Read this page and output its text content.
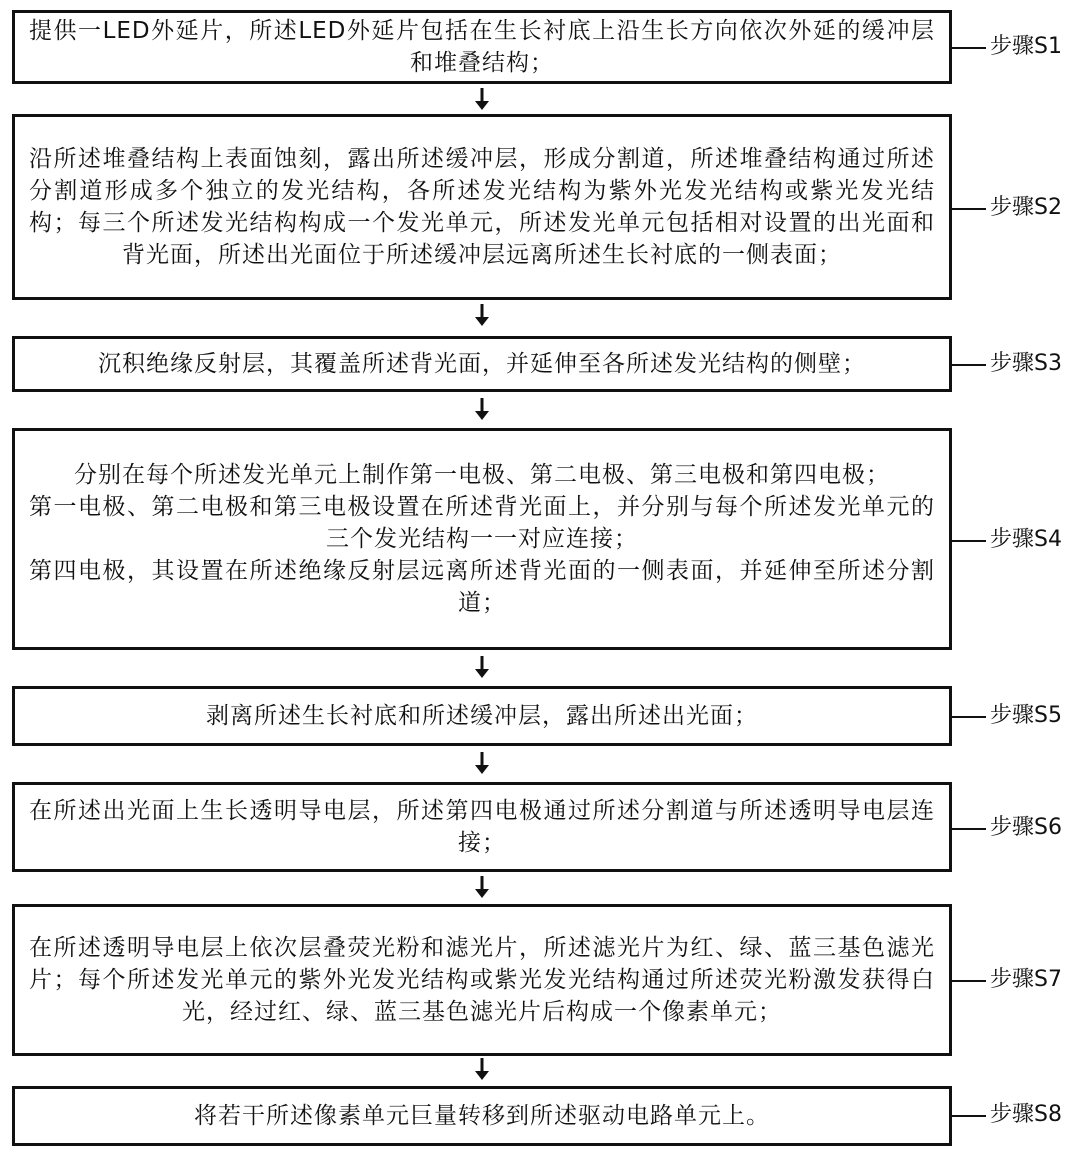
提供一LED外延片，所述LED外延片包括在生长衬底上沿生长方向依次外延的缓冲层和堆叠结构；
步骤S1
沿所述堆叠结构上表面蚀刻，露出所述缓冲层，形成分割道，所述堆叠结构通过所述分割道形成多个独立的发光结构，各所述发光结构为紫外光发光结构或紫光发光结构；每三个所述发光结构构成一个发光单元，所述发光单元包括相对设置的出光面和背光面，所述出光面位于所述缓冲层远离所述生长衬底的一侧表面；
步骤S2
沉积绝缘反射层，其覆盖所述背光面，并延伸至各所述发光结构的侧壁；	步骤S3
分别在每个所述发光单元上制作第一电极、第二电极、第三电极和第四电极；
第一电极、第二电极和第三电极设置在所述背光面上，并分别与每个所述发光单元的三个发光结构一一对应连接；
第四电极，其设置在所述绝缘反射层远离所述背光面的一侧表面，并延伸至所述分割道；
步骤S4
剥离所述生长衬底和所述缓冲层，露出所述出光面；	步骤S5
在所述出光面上生长透明导电层，所述第四电极通过所述分割道与所述透明导电层连接；
步骤S6
在所述透明导电层上依次层叠荧光粉和滤光片，所述滤光片为红、绿、蓝三基色滤光片；每个所述发光单元的紫外光发光结构或紫光发光结构通过所述荧光粉激发获得白光，经过红、绿、蓝三基色滤光片后构成一个像素单元；
步骤S7
将若干所述像素单元巨量转移到所述驱动电路单元上。	步骤S8
